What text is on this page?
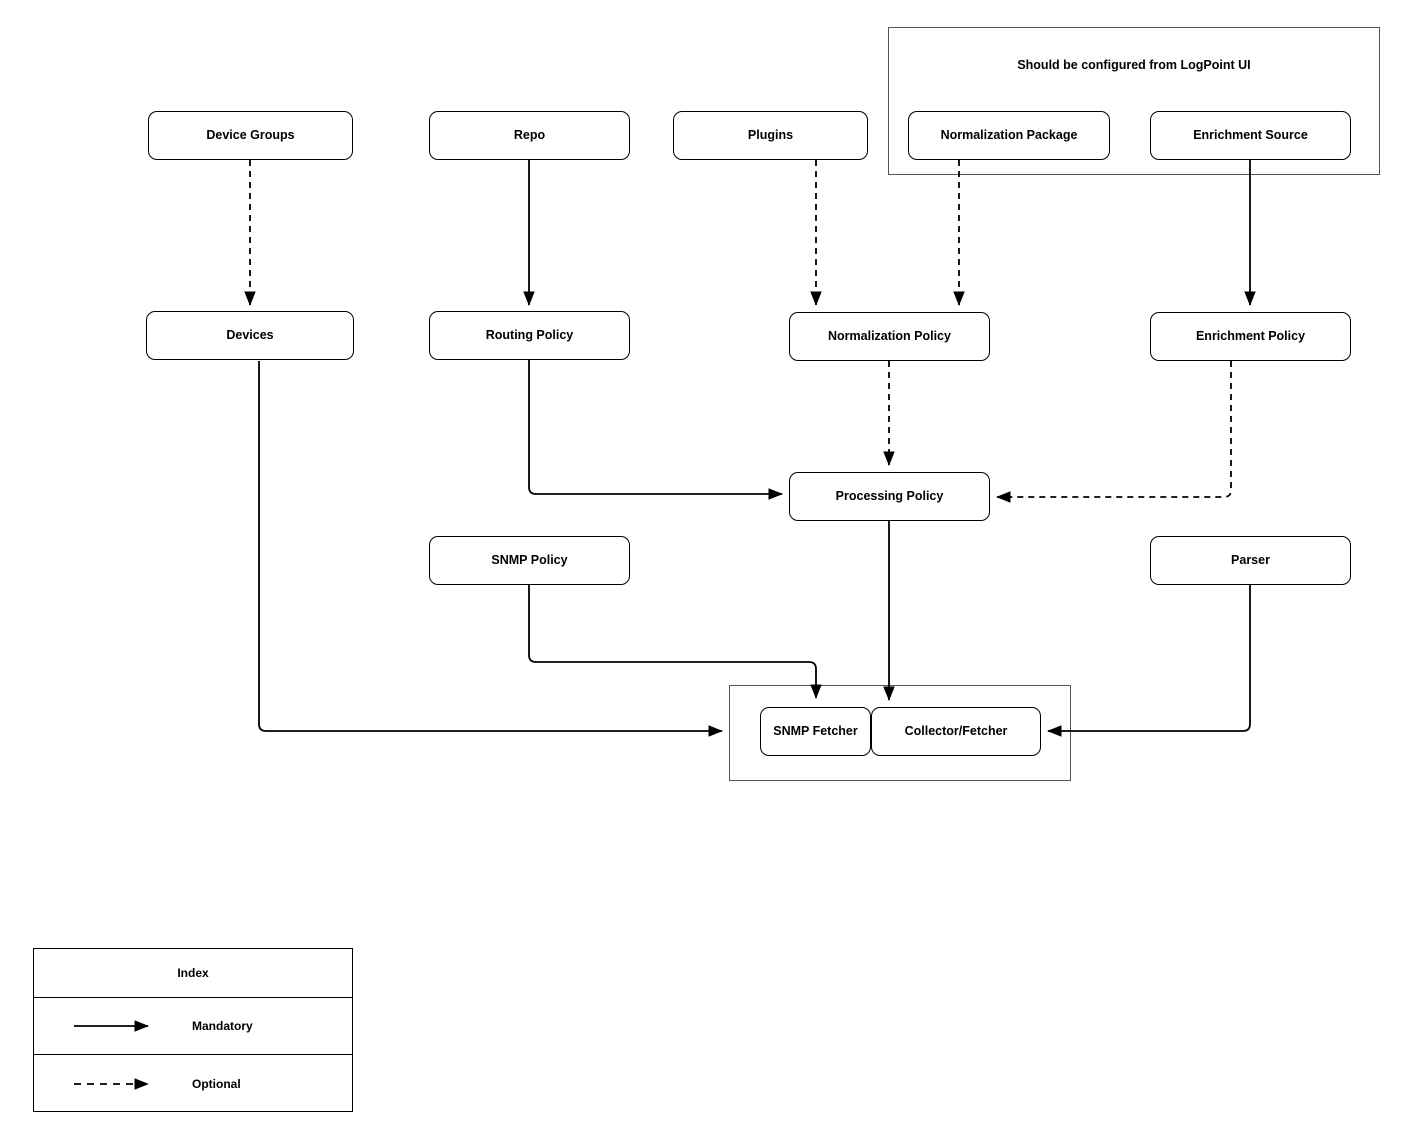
Should be configured from LogPoint UI
Device Groups	Repo	Plugins	Normalization Package	Enrichment Source
Devices	Routing Policy	Normalization Policy	Enrichment Policy
Processing Policy
SNMP Policy	Parser
SNMP Fetcher	Collector/Fetcher
Index
Mandatory
Optional
